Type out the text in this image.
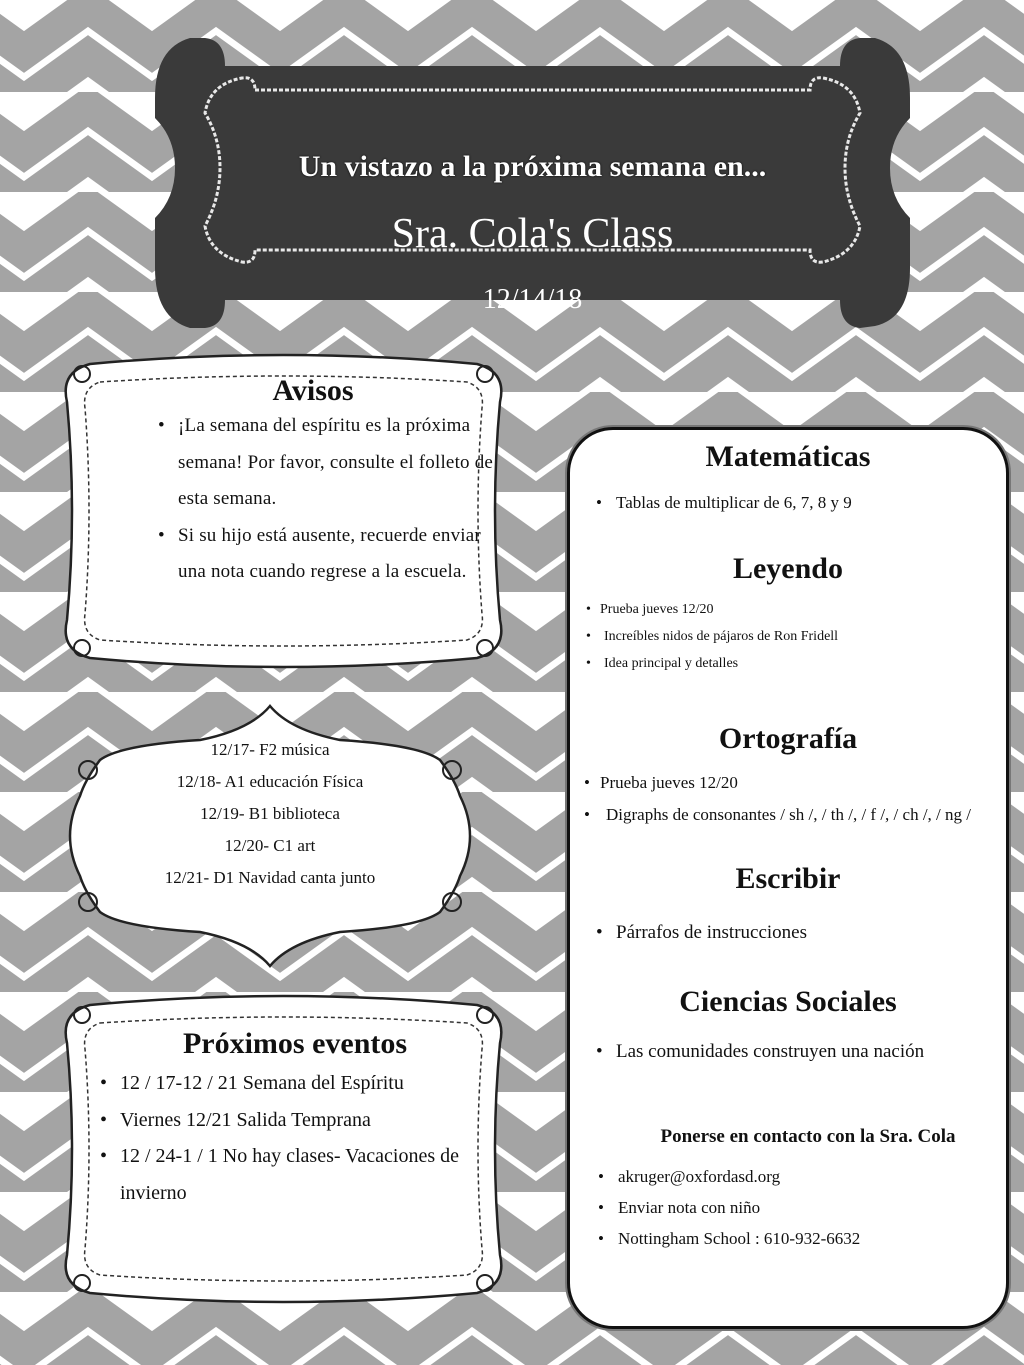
Un vistazo a la próxima semana en...
Sra. Cola's Class
12/14/18
Avisos
• ¡La semana del espíritu es la próxima semana! Por favor, consulte el folleto de esta semana.
• Si su hijo está ausente, recuerde enviar una nota cuando regrese a la escuela.
12/17- F2 música
12/18- A1 educación Física
12/19- B1 biblioteca
12/20- C1 art
12/21- D1 Navidad canta junto
Próximos eventos
• 12 / 17-12 / 21 Semana del Espíritu
• Viernes 12/21 Salida Temprana
• 12 / 24-1 / 1 No hay clases- Vacaciones de invierno
Matemáticas
• Tablas de multiplicar de 6, 7, 8 y 9
Leyendo
• Prueba jueves 12/20
• Increíbles nidos de pájaros de Ron Fridell
• Idea principal y detalles
Ortografía
• Prueba jueves 12/20
• Digraphs de consonantes / sh /, / th /, / f /, / ch /, / ng /
Escribir
• Párrafos de instrucciones
Ciencias Sociales
• Las comunidades construyen una nación
Ponerse en contacto con la Sra. Cola
• akruger@oxfordasd.org
• Enviar nota con niño
• Nottingham School : 610-932-6632
